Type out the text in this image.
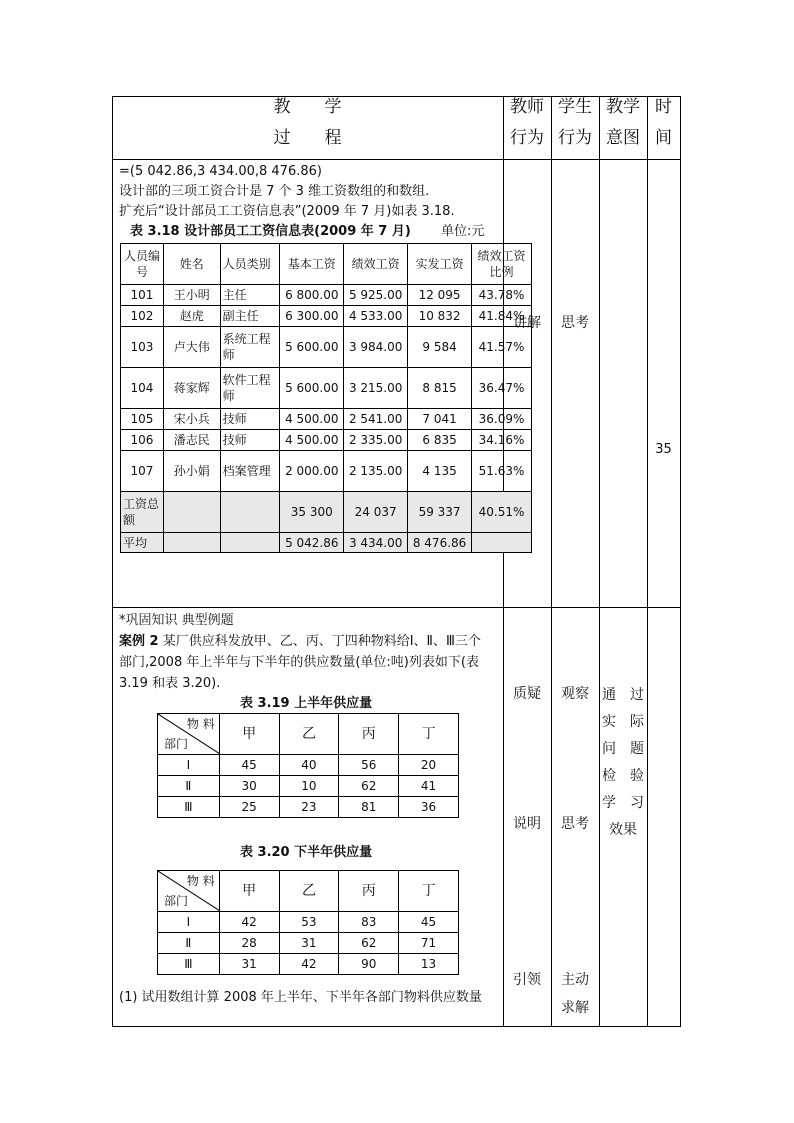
教　　学
过　　程
教师
行为
学生
行为
教学
意图
时
间
=(5 042.86,3 434.00,8 476.86)
设计部的三项工资合计是 7 个 3 维工资数组的和数组.
扩充后“设计部员工工资信息表”(2009 年 7 月)如表 3.18.
表 3.18 设计部员工工资信息表(2009 年 7 月) 单位:元
人员编号	姓名	人员类别	基本工资	绩效工资	实发工资	绩效工资比例
101	王小明	主任	6 800.00	5 925.00	12 095	43.78%
102	赵虎	副主任	6 300.00	4 533.00	10 832	41.84%
103	卢大伟	系统工程师	5 600.00	3 984.00	9 584	41.57%
104	蒋家辉	软件工程师	5 600.00	3 215.00	8 815	36.47%
105	宋小兵	技师	4 500.00	2 541.00	7 041	36.09%
106	潘志民	技师	4 500.00	2 335.00	6 835	34.16%
107	孙小娟	档案管理	2 000.00	2 135.00	4 135	51.63%
工资总额			35 300	24 037	59 337	40.51%
平均			5 042.86	3 434.00	8 476.86	
讲解	思考
35
*巩固知识 典型例题
案例 2 某厂供应科发放甲、乙、丙、丁四种物料给Ⅰ、Ⅱ、Ⅲ三个
部门,2008 年上半年与下半年的供应数量(单位:吨)列表如下(表
3.19 和表 3.20).
表 3.19 上半年供应量
物 料
部门	甲	乙	丙	丁
Ⅰ	45	40	56	20
Ⅱ	30	10	62	41
Ⅲ	25	23	81	36
表 3.20 下半年供应量
物 料
部门	甲	乙	丙	丁
Ⅰ	42	53	83	45
Ⅱ	28	31	62	71
Ⅲ	31	42	90	13
(1) 试用数组计算 2008 年上半年、下半年各部门物料供应数量
质疑
说明
引领
观察
思考
主动
求解
通　过
实　际
问　题
检　验
学　习
效果
